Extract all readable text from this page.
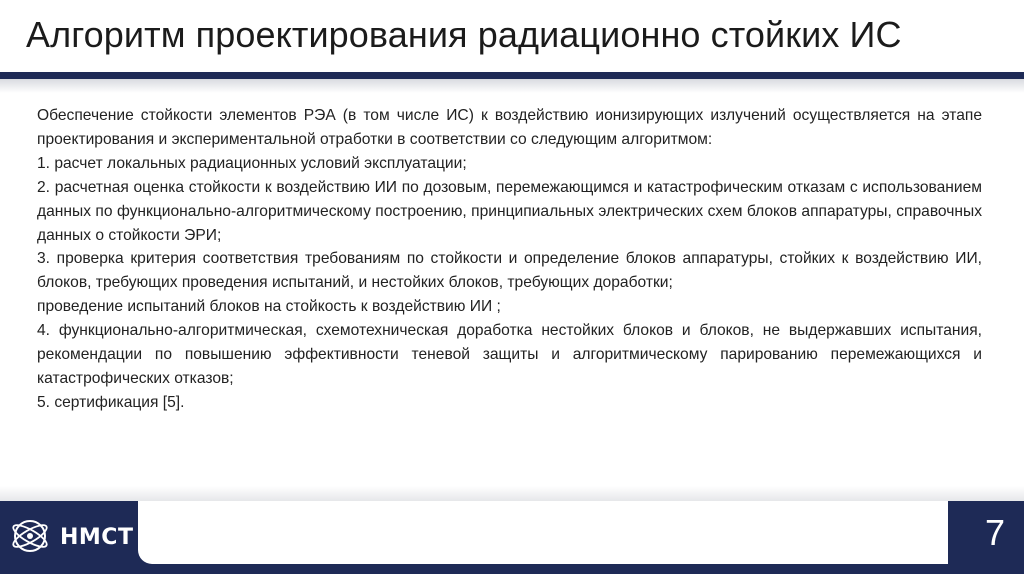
Алгоритм проектирования радиационно стойких ИС

Обеспечение стойкости элементов РЭА (в том числе ИС) к воздействию ионизирующих излучений осуществляется на этапе проектирования и экспериментальной отработки в соответствии со следующим алгоритмом:

1. расчет локальных радиационных условий эксплуатации;

2. расчетная оценка стойкости к воздействию ИИ по дозовым, перемежающимся и катастрофическим отказам с использованием данных по функционально-алгоритмическому построению, принципиальных электрических схем блоков аппаратуры, справочных данных о стойкости ЭРИ;

3. проверка критерия соответствия требованиям по стойкости и определение блоков аппаратуры, стойких к воздействию ИИ, блоков, требующих проведения испытаний, и нестойких блоков, требующих доработки;

проведение испытаний блоков на стойкость к воздействию ИИ ;

4. функционально-алгоритмическая, схемотехническая доработка нестойких блоков и блоков, не выдержавших испытания, рекомендации по повышению эффективности теневой защиты и алгоритмическому парированию перемежающихся и катастрофических отказов;

5. сертификация [5].

НМСТ	7
